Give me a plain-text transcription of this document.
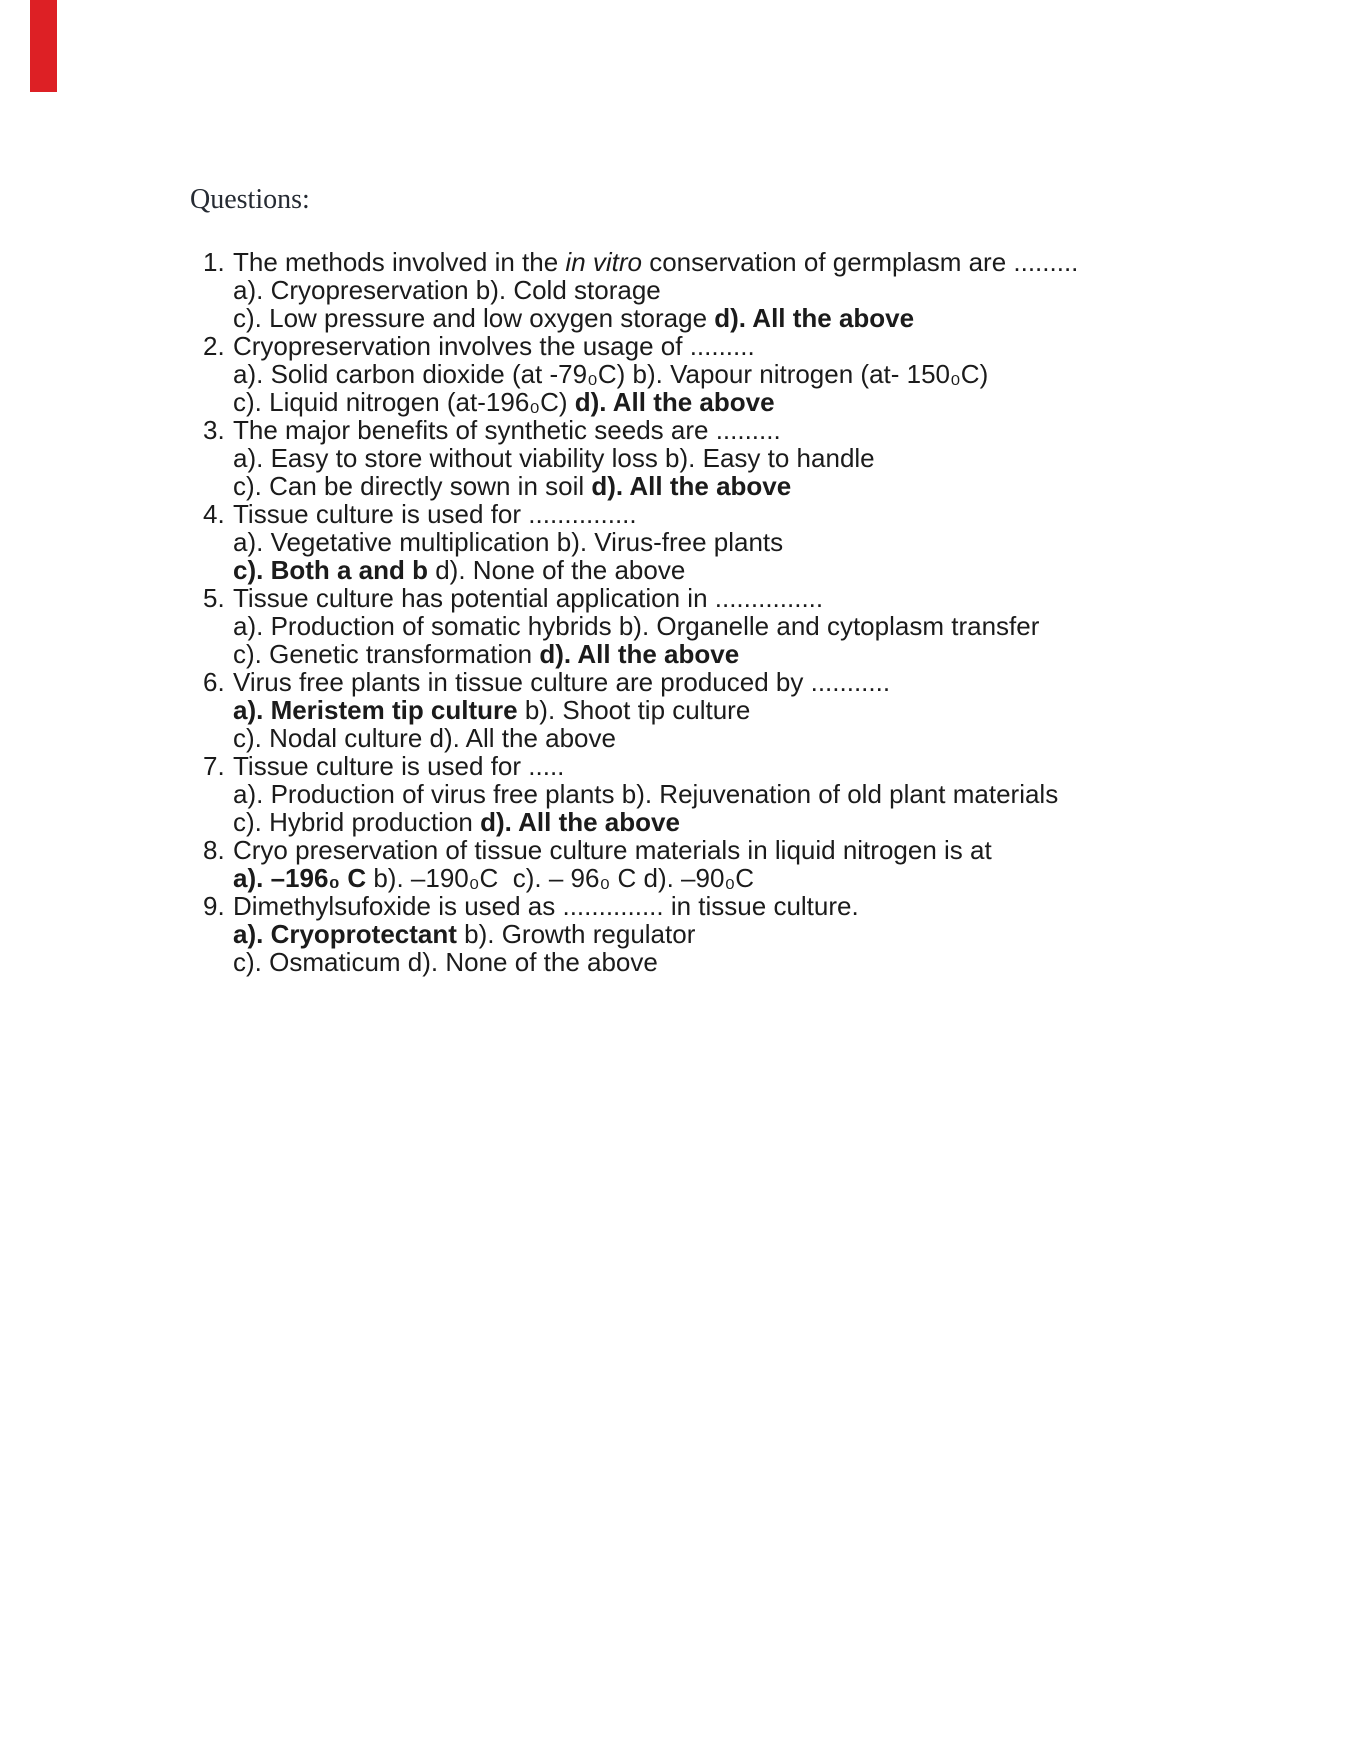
Questions:
1. The methods involved in the in vitro conservation of germplasm are .........
a). Cryopreservation b). Cold storage
c). Low pressure and low oxygen storage d). All the above
2. Cryopreservation involves the usage of .........
a). Solid carbon dioxide (at -79₀C) b). Vapour nitrogen (at- 150₀C)
c). Liquid nitrogen (at-196₀C) d). All the above
3. The major benefits of synthetic seeds are .........
a). Easy to store without viability loss b). Easy to handle
c). Can be directly sown in soil d). All the above
4. Tissue culture is used for ...............
a). Vegetative multiplication b). Virus-free plants
c). Both a and b d). None of the above
5. Tissue culture has potential application in ...............
a). Production of somatic hybrids b). Organelle and cytoplasm transfer
c). Genetic transformation d). All the above
6. Virus free plants in tissue culture are produced by ...........
a). Meristem tip culture b). Shoot tip culture
c). Nodal culture d). All the above
7. Tissue culture is used for .....
a). Production of virus free plants b). Rejuvenation of old plant materials
c). Hybrid production d). All the above
8. Cryo preservation of tissue culture materials in liquid nitrogen is at
a). –196₀ C b). –190₀C  c). – 96₀ C d). –90₀C
9. Dimethylsufoxide is used as .............. in tissue culture.
a). Cryoprotectant b). Growth regulator
c). Osmaticum d). None of the above
